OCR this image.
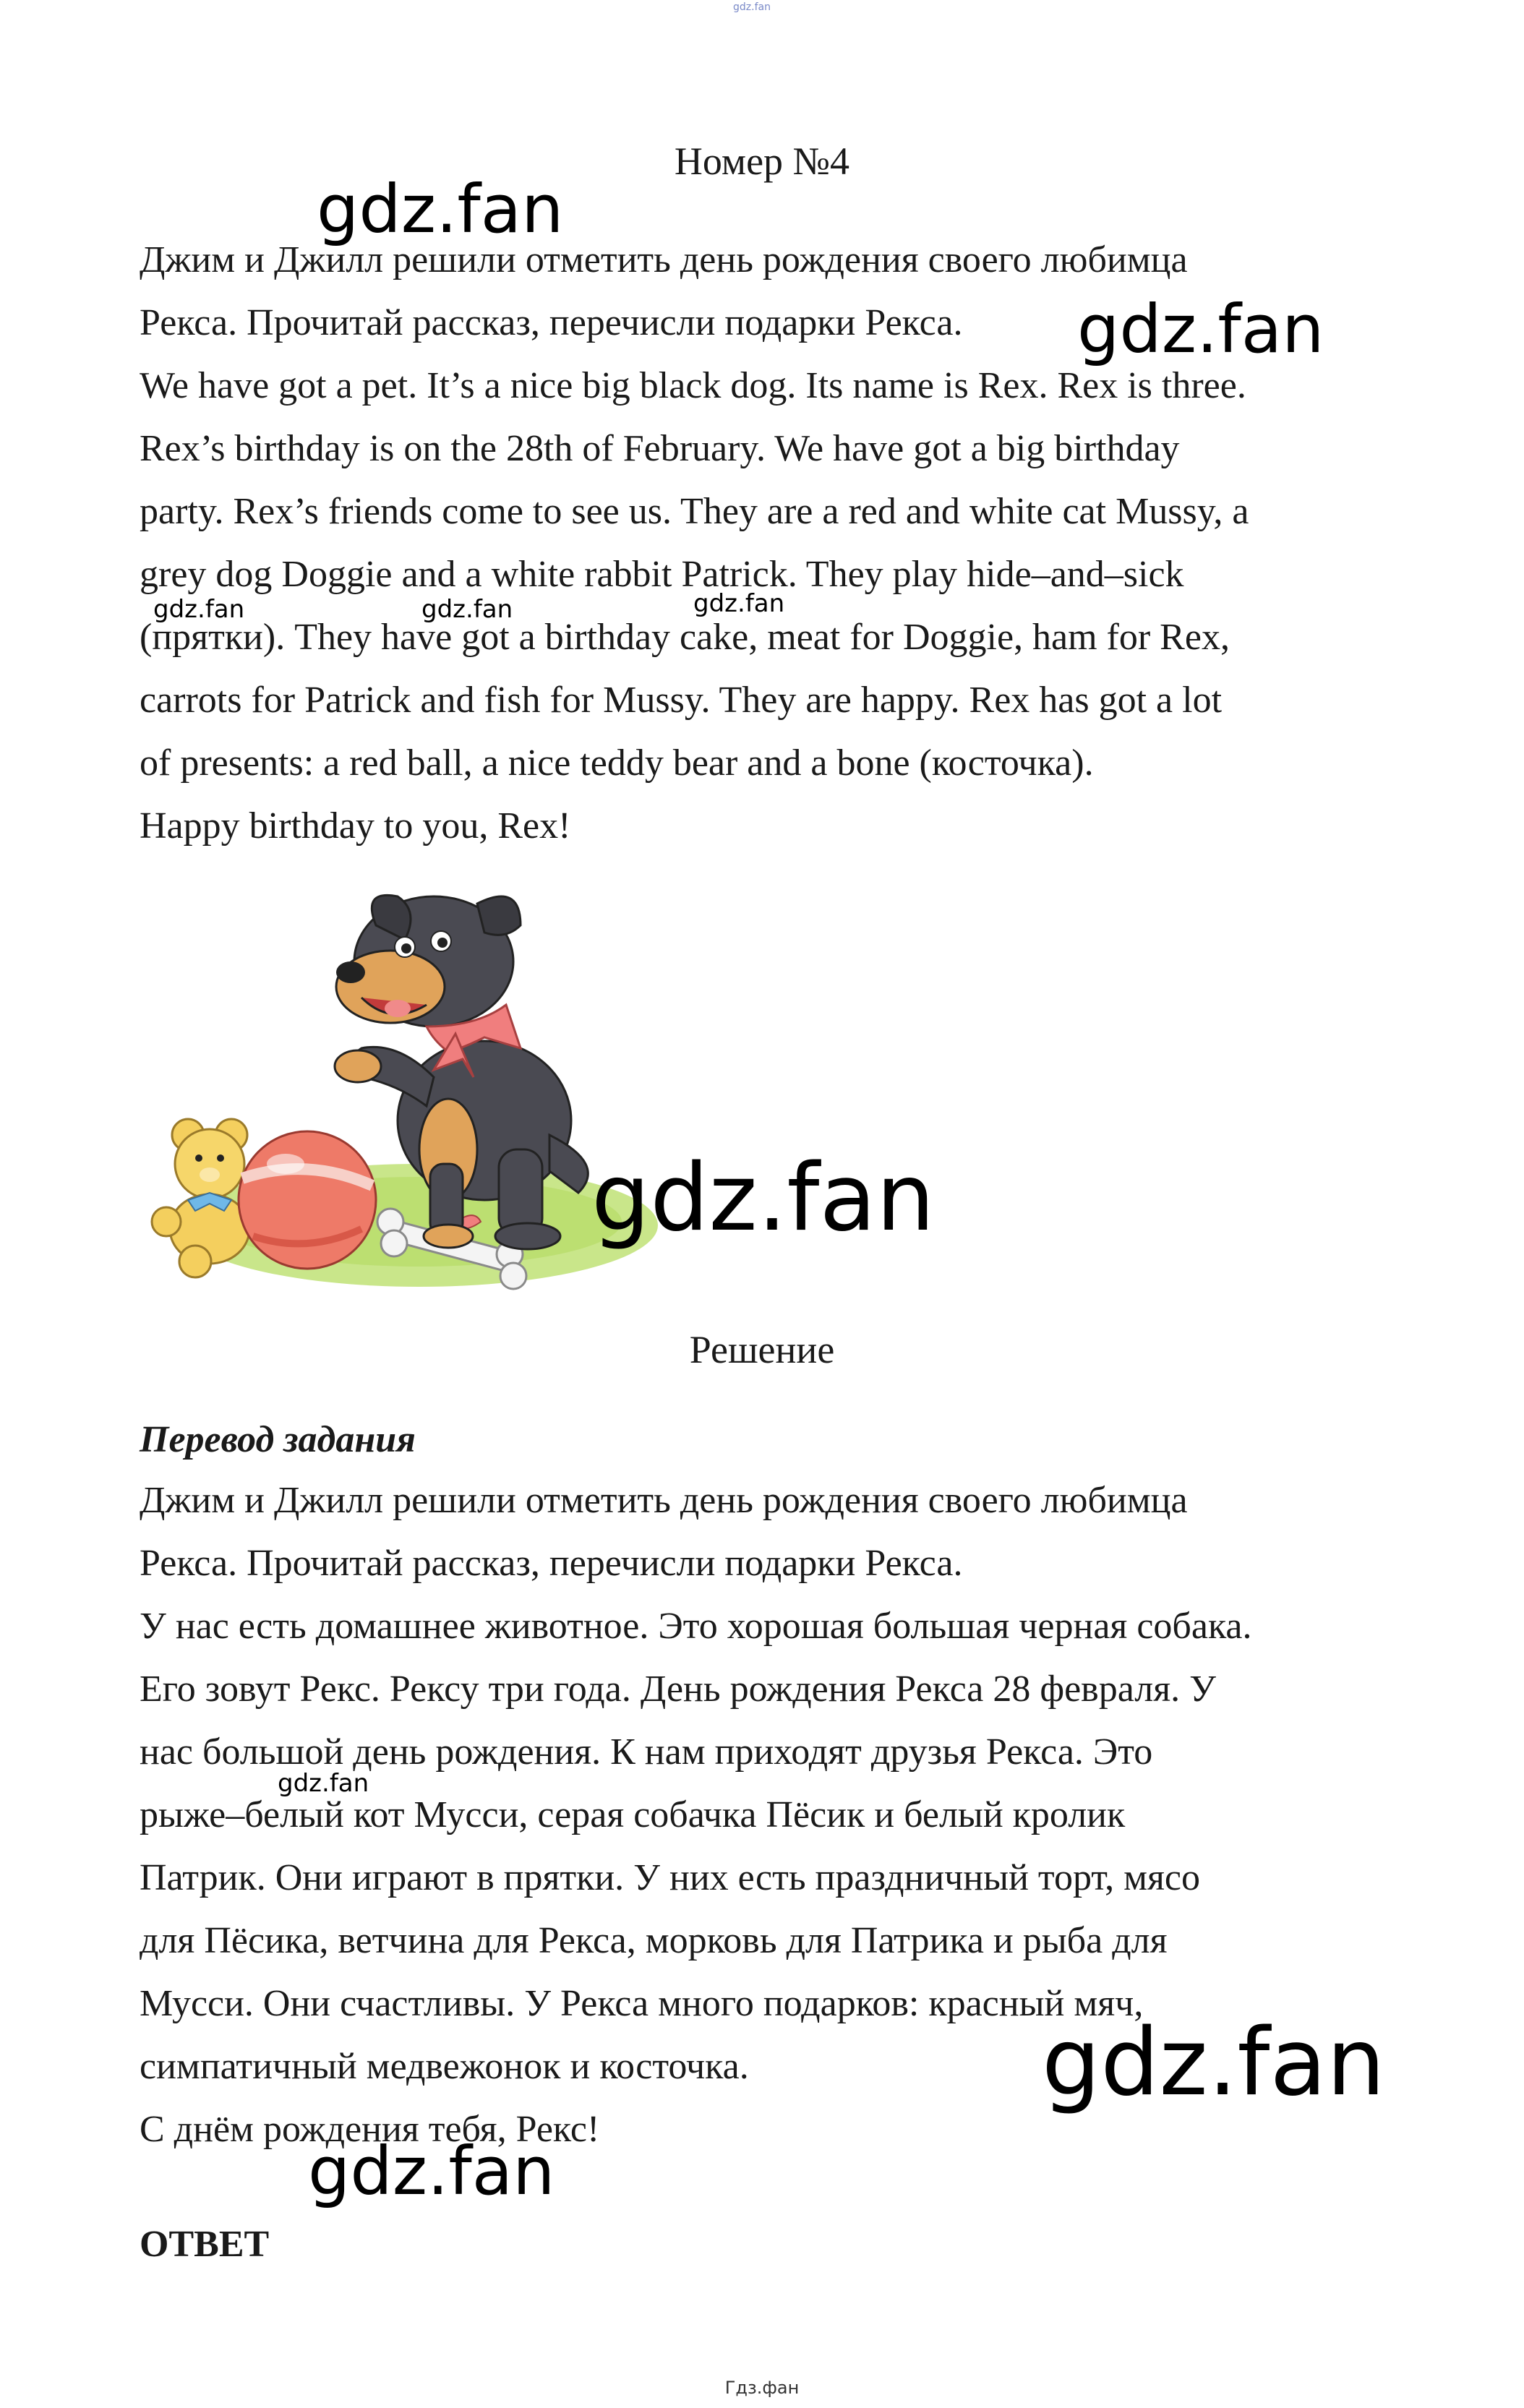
gdz.fan
Номер №4
Джим и Джилл решили отметить день рождения своего любимца
Рекса. Прочитай рассказ, перечисли подарки Рекса.
We have got a pet. It’s a nice big black dog. Its name is Rex. Rex is three.
Rex’s birthday is on the 28th of February. We have got a big birthday
party. Rex’s friends come to see us. They are a red and white cat Mussy, a
grey dog Doggie and a white rabbit Patrick. They play hide–and–sick
(прятки). They have got a birthday cake, meat for Doggie, ham for Rex,
carrots for Patrick and fish for Mussy. They are happy. Rex has got a lot
of presents: a red ball, a nice teddy bear and a bone (косточка).
Happy birthday to you, Rex!
Решение
Перевод задания
Джим и Джилл решили отметить день рождения своего любимца
Рекса. Прочитай рассказ, перечисли подарки Рекса.
У нас есть домашнее животное. Это хорошая большая черная собака.
Его зовут Рекс. Рексу три года. День рождения Рекса 28 февраля. У
нас большой день рождения. К нам приходят друзья Рекса. Это
рыже–белый кот Мусси, серая собачка Пёсик и белый кролик
Патрик. Они играют в прятки. У них есть праздничный торт, мясо
для Пёсика, ветчина для Рекса, морковь для Патрика и рыба для
Мусси. Они счастливы. У Рекса много подарков: красный мяч,
симпатичный медвежонок и косточка.
С днём рождения тебя, Рекс!
ОТВЕТ
gdz.fan
gdz.fan
gdz.fan	gdz.fan	gdz.fan
gdz.fan
gdz.fan
gdz.fan
gdz.fan
Гдз.фан
